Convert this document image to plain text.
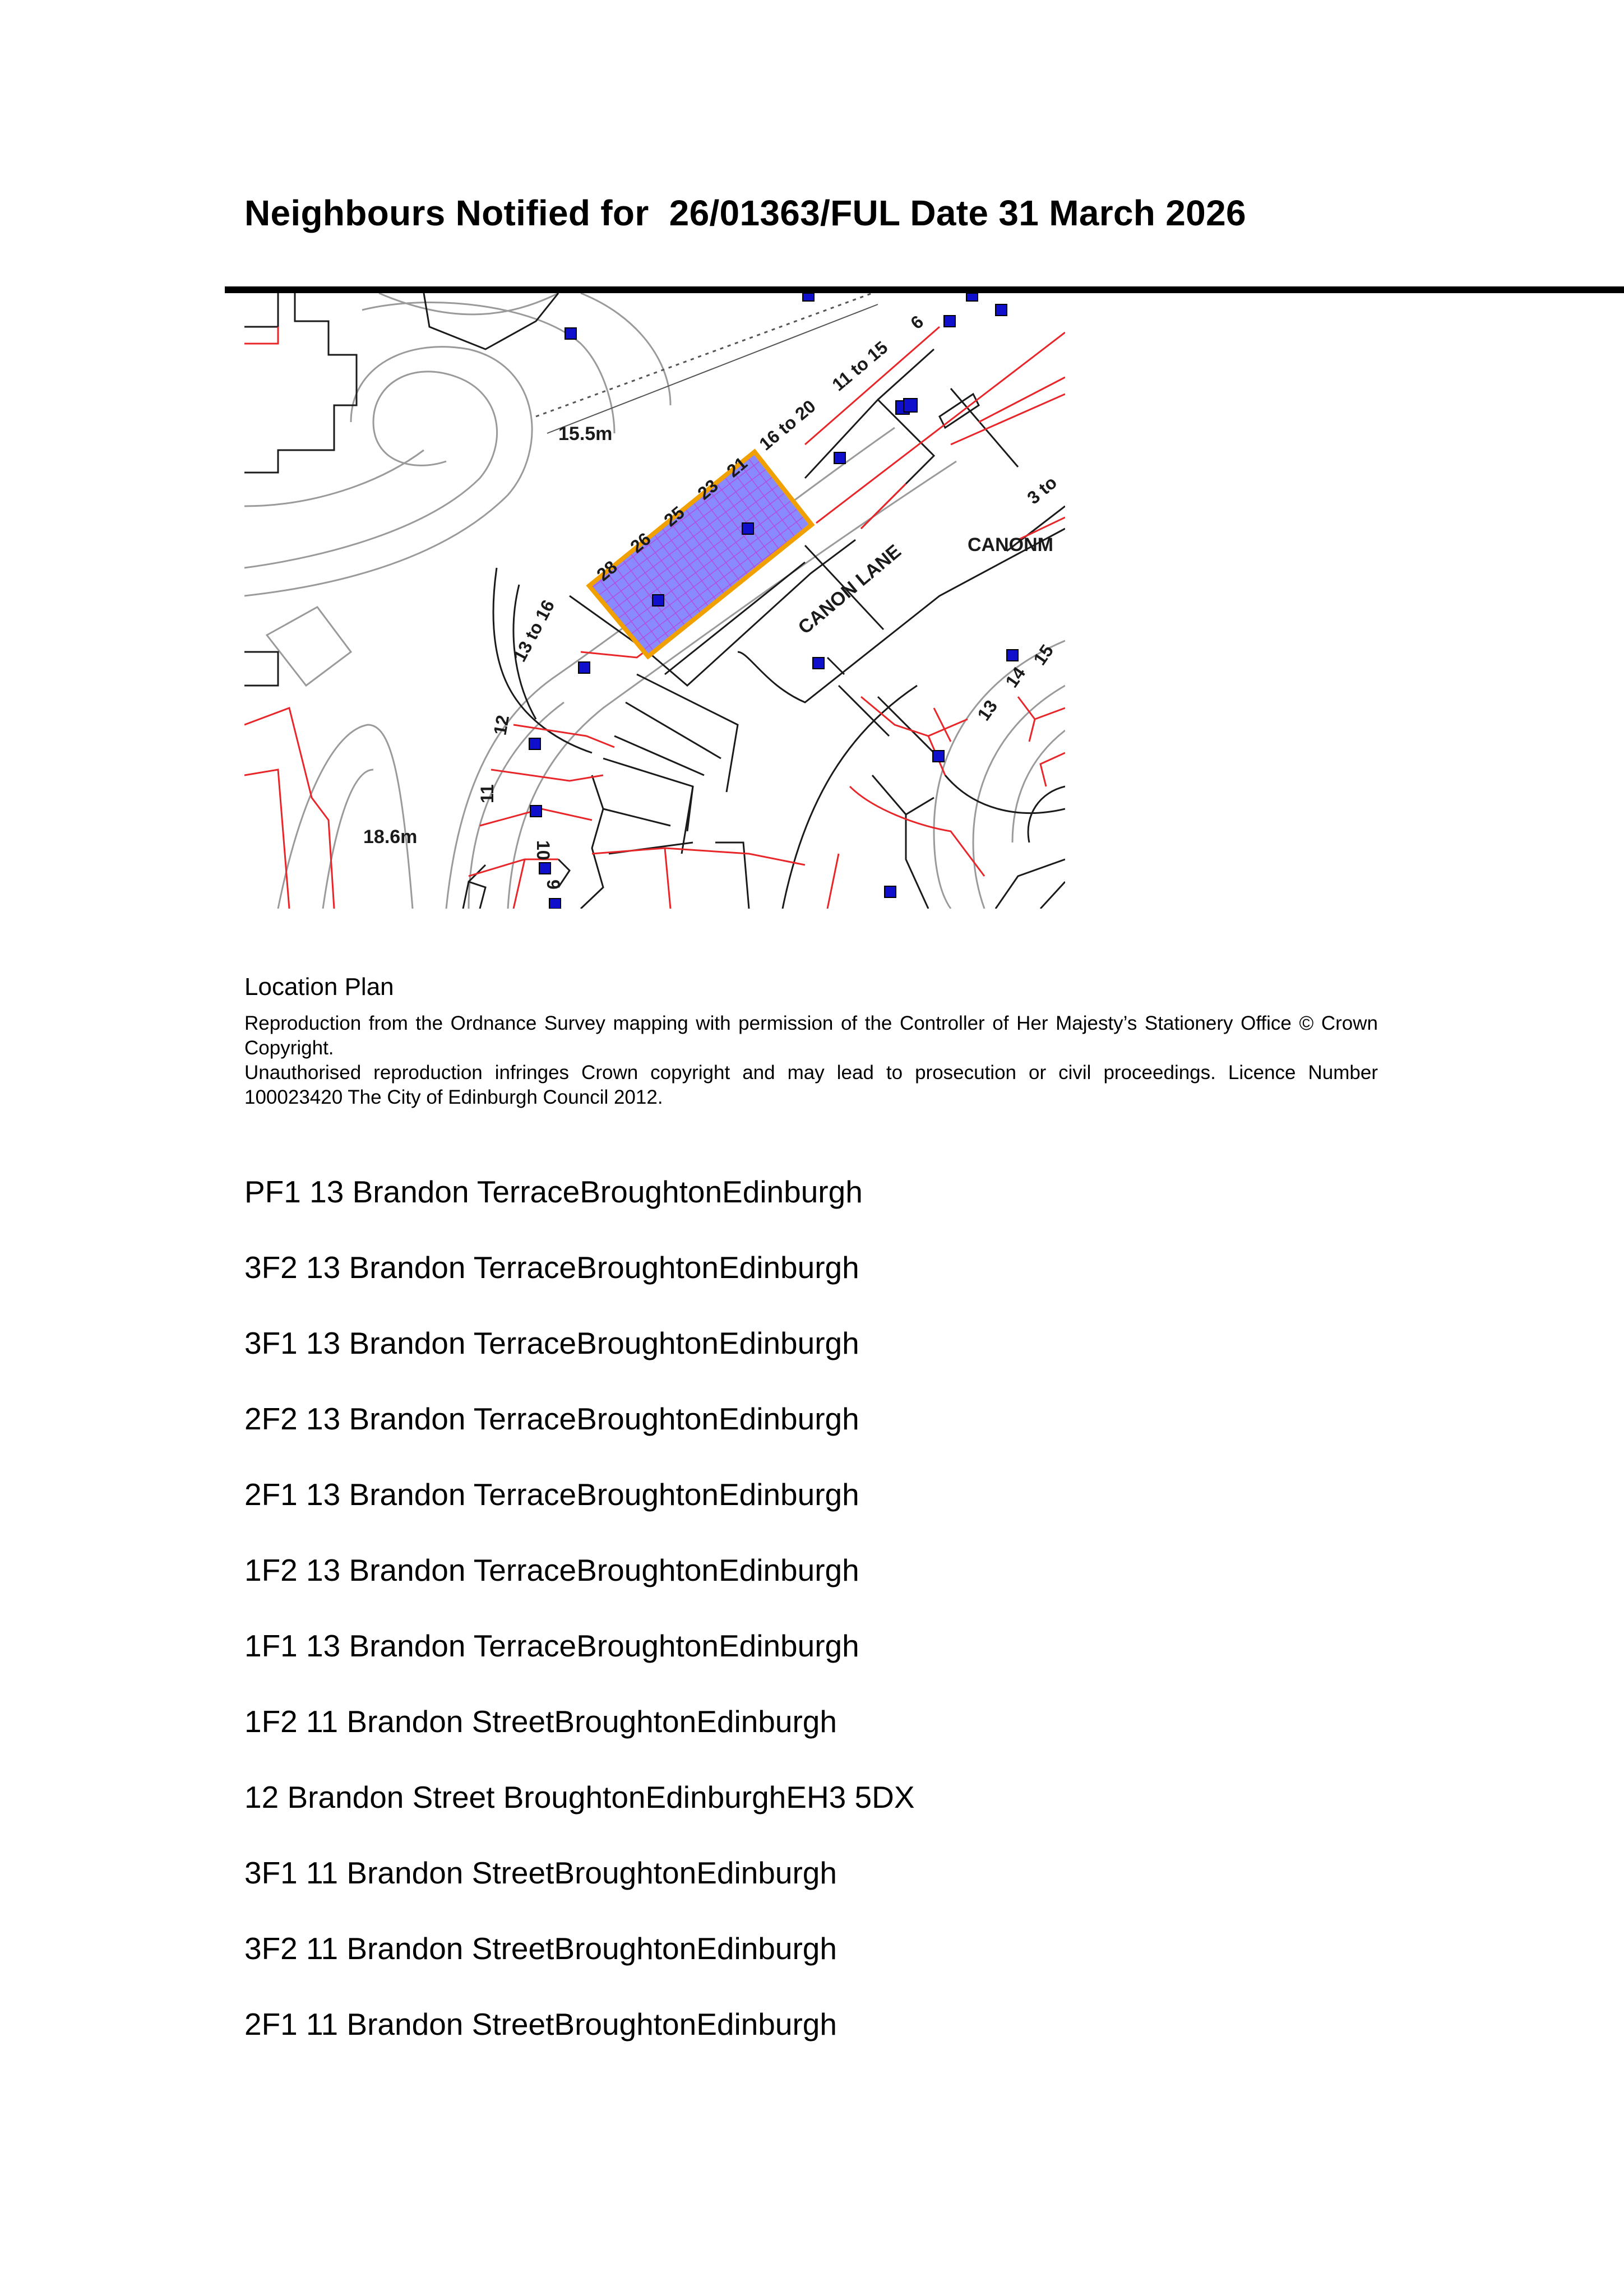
Neighbours Notified for  26/01363/FUL Date 31 March 2026
15.5m
18.6m
CANON LANE	CANONM
28
26
25
23
21
16 to 20
11 to 15
6
13 to 16
12
11
10
9
3 to
13
14
15
Location Plan

Reproduction from the Ordnance Survey mapping with permission of the Controller of Her Majesty’s Stationery Office © Crown Copyright.

Unauthorised reproduction infringes Crown copyright and may lead to prosecution or civil proceedings. Licence Number 100023420 The City of Edinburgh Council 2012.

PF1 13 Brandon TerraceBroughtonEdinburgh
3F2 13 Brandon TerraceBroughtonEdinburgh
3F1 13 Brandon TerraceBroughtonEdinburgh
2F2 13 Brandon TerraceBroughtonEdinburgh
2F1 13 Brandon TerraceBroughtonEdinburgh
1F2 13 Brandon TerraceBroughtonEdinburgh
1F1 13 Brandon TerraceBroughtonEdinburgh
1F2 11 Brandon StreetBroughtonEdinburgh
12 Brandon Street BroughtonEdinburghEH3 5DX
3F1 11 Brandon StreetBroughtonEdinburgh
3F2 11 Brandon StreetBroughtonEdinburgh
2F1 11 Brandon StreetBroughtonEdinburgh
